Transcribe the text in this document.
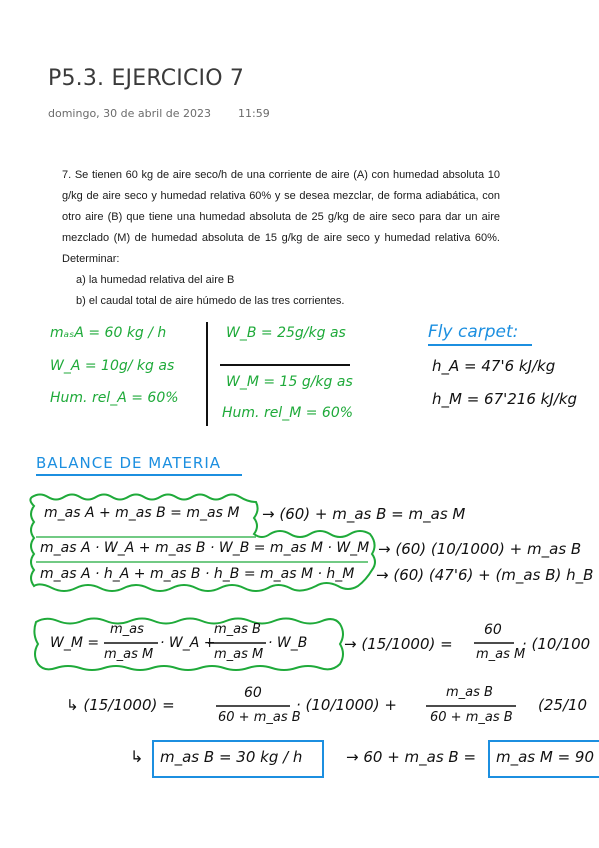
P5.3. EJERCICIO 7
domingo, 30 de abril de 2023 11:59

7. Se tienen 60 kg de aire seco/h de una corriente de aire (A) con humedad absoluta 10 g/kg de aire seco y humedad relativa 60% y se desea mezclar, de forma adiabática, con otro aire (B) que tiene una humedad absoluta de 25 g/kg de aire seco para dar un aire mezclado (M) de humedad absoluta de 15 g/kg de aire seco y humedad relativa 60%. Determinar:

a) la humedad relativa del aire B

b) el caudal total de aire húmedo de las tres corrientes.

mₐₛA = 60 kg / h
W_A = 10g/ kg as
Hum. rel_A = 60%
W_B = 25g/kg as
W_M = 15 g/kg as
Hum. rel_M = 60%
Fly carpet:
h_A = 47'6 kJ/kg
h_M = 67'216 kJ/kg
BALANCE DE MATERIA
m_as A + m_as B = m_as M → (60) + m_as B = m_as M
m_as A · W_A + m_as B · W_B = m_as M · W_M → (60) (10/1000) + m_as B
m_as A · h_A + m_as B · h_B = m_as M · h_M → (60) (47'6) + (m_as B) h_B
W_M =
m_as
m_as M
· W_A +
m_as B
m_as M
· W_B → (15/1000) =
60
m_as M
· (10/100
↳ (15/1000) =
60
60 + m_as B
· (10/1000) +
m_as B
60 + m_as B
(25/10
↳ m_as B = 30 kg / h	→ 60 + m_as B = m_as M = 90
